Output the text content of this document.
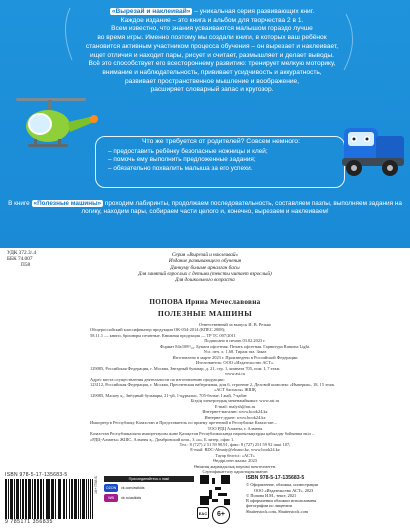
«Вырезай и наклеивай» – уникальная серия развивающих книг.
Каждое издание – это книга и альбом для творчества 2 в 1.
Всем известно, что знания усваиваются малышом гораздо лучше
во время игры. Именно поэтому мы создали книги, в которых ваш ребёнок
становится активным участником процесса обучения – он вырезает и наклеивает,
ищет отличия и находит пары, рисует и считает, размышляет и делает выводы.
Всё это способствует его всестороннему развитию: тренирует мелкую моторику,
внимание и наблюдательность, прививает усидчивость и аккуратность,
развивает пространственное мышление и воображение,
расширяет словарный запас и кругозор.
Что же требуется от родителей? Совсем немного:
– предоставить ребёнку безопасные ножницы и клей;
– помочь ему выполнить предложенные задания;
– обязательно похвалить малыша за его успехи.
В книге «Полезные машины» проходим лабиринты, продолжаем последовательность, составляем пазлы, выполняем задания на логику, находим пары, собираем части целого и, конечно, вырезаем и наклеиваем!
УДК 372.3/.4
ББК 74.007
П58
Серия «Вырезай и наклеивай»
Издание развивающего обучения
Даннуму билиме арналган басы
Для занятий взрослых с детьми (тексты читает взрослый)
Для дошкольного возраста
ПОПОВА Ирина Мечеславовна
ПОЛЕЗНЫЕ МАШИНЫ

Ответственный за выпуск И. В. Резько

Общероссийский классификатор продукции ОК-034-2014 (КПЕС 2008);

58.11.1 — книги, брошюры печатные. Книжная продукция — ТР ТС 007/2011

Подписано в печать 03.02.2023 г.

Формат 84х108¹/₁₆. Бумага офсетная. Печать офсетная. Гарнитура Ramona Light.

Усл. печ. л. 1,68. Тираж экз. Заказ

Изготовлено в марте 2023 г. Произведено в Российской Федерации

Изготовитель: ООО «Издательство АСТ».

129085, Российская Федерация, г. Москва, Звездный бульвар, д. 21, стр. 1, комната 705, пом. I, 7 этаж.

www.ast.ru

Адрес места осуществления деятельности по изготовлению продукции:

123112, Российская Федерация, г. Москва, Пресненская набережная, дом 6, строение 2, Деловой комплекс «Империя», 18, 15 этаж.

«АСТ баспасы» ЖШҚ

129085, Мәскеу қ., Звёздный бульвары, 21-үй, 1-құрылыс, 705-бөлме, I жай, 7-қабат.

Біздің электрондық мекенжайымыз: www.ast.ru

E-mail: malysh@ast.ru

Интернет-магазин: www.book24.kz

Интернет-дүкен: www.book24.kz

Импортер в Республику Казахстан и Представитель по приему претензий в Республике Казахстан –

ТОО РДЦ Алматы, г. Алматы

Казахстан Республикасына импорттаушы және Қазақстан Республикасында наразылықтарды қабылдау бойынша өкіл –

«РДЦ-Алматы» ЖШС, Алматы қ., Домбровский көш., 3 «а», Б литер, офис 1.

Тел.: 8 (727) 2 51 59 90,91, факс: 8 (727) 251 59 92 ішкі 107;

E-mail: RDC-Almaty@eksmo.kz, www.book24.kz

Тауар белгісі: «АСТ»

Өндірілген жылы: 2023

Өнімнің жарамдылық мерзімі шектелмеген.

Сертификатталу қарастырылмаған

ISBN 978-5-17-135683-5
9 785171 356835
16+ П58 Б	Присоединяйтесь к нам!
OZON	vk.com/astkids
WB	ok.ru/astkids
EAC	6+
ISBN 978-5-17-135683-5
© Оформление, обложка, иллюстрации
ООО «Издательство АСТ», 2023
© Попова И.М., текст, 2021
В оформлении обложки использованы
фотографии по лицензии
Shutterstock.com, Shutterstock.com
